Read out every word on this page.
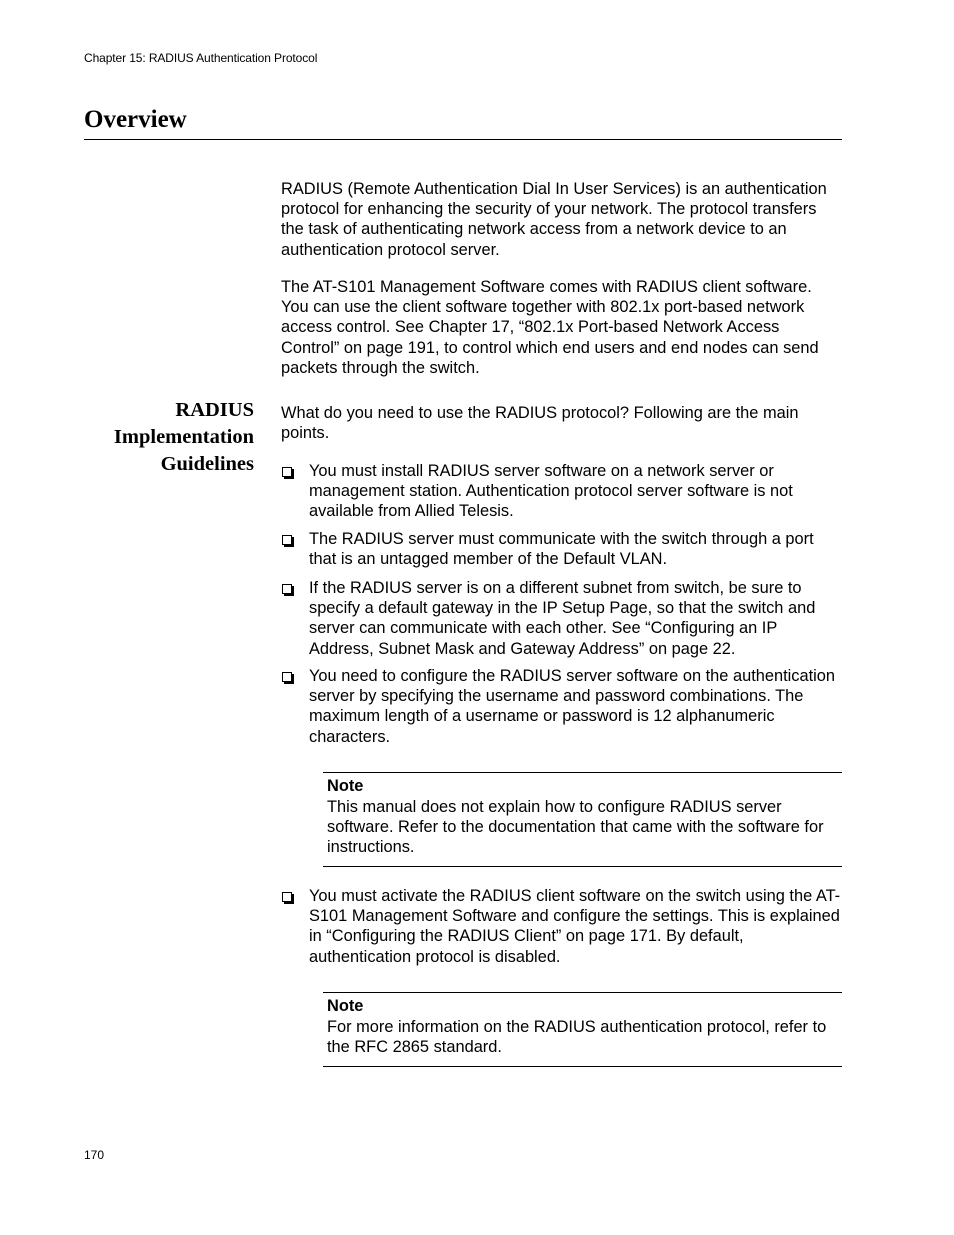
Chapter 15: RADIUS Authentication Protocol
Overview

RADIUS (Remote Authentication Dial In User Services) is an authentication protocol for enhancing the security of your network. The protocol transfers the task of authenticating network access from a network device to an authentication protocol server.

The AT-S101 Management Software comes with RADIUS client software. You can use the client software together with 802.1x port-based network access control. See Chapter 17, “802.1x Port-based Network Access Control” on page 191, to control which end users and end nodes can send packets through the switch.

RADIUS
Implementation
Guidelines

What do you need to use the RADIUS protocol? Following are the main points.

You must install RADIUS server software on a network server or management station. Authentication protocol server software is not available from Allied Telesis.
The RADIUS server must communicate with the switch through a port that is an untagged member of the Default VLAN.
If the RADIUS server is on a different subnet from switch, be sure to specify a default gateway in the IP Setup Page, so that the switch and server can communicate with each other. See “Configuring an IP Address, Subnet Mask and Gateway Address” on page 22.
You need to configure the RADIUS server software on the authentication server by specifying the username and password combinations. The maximum length of a username or password is 12 alphanumeric characters.
Note
This manual does not explain how to configure RADIUS server software. Refer to the documentation that came with the software for instructions.
You must activate the RADIUS client software on the switch using the AT-S101 Management Software and configure the settings. This is explained in “Configuring the RADIUS Client” on page 171. By default, authentication protocol is disabled.
Note
For more information on the RADIUS authentication protocol, refer to the RFC 2865 standard.
170
